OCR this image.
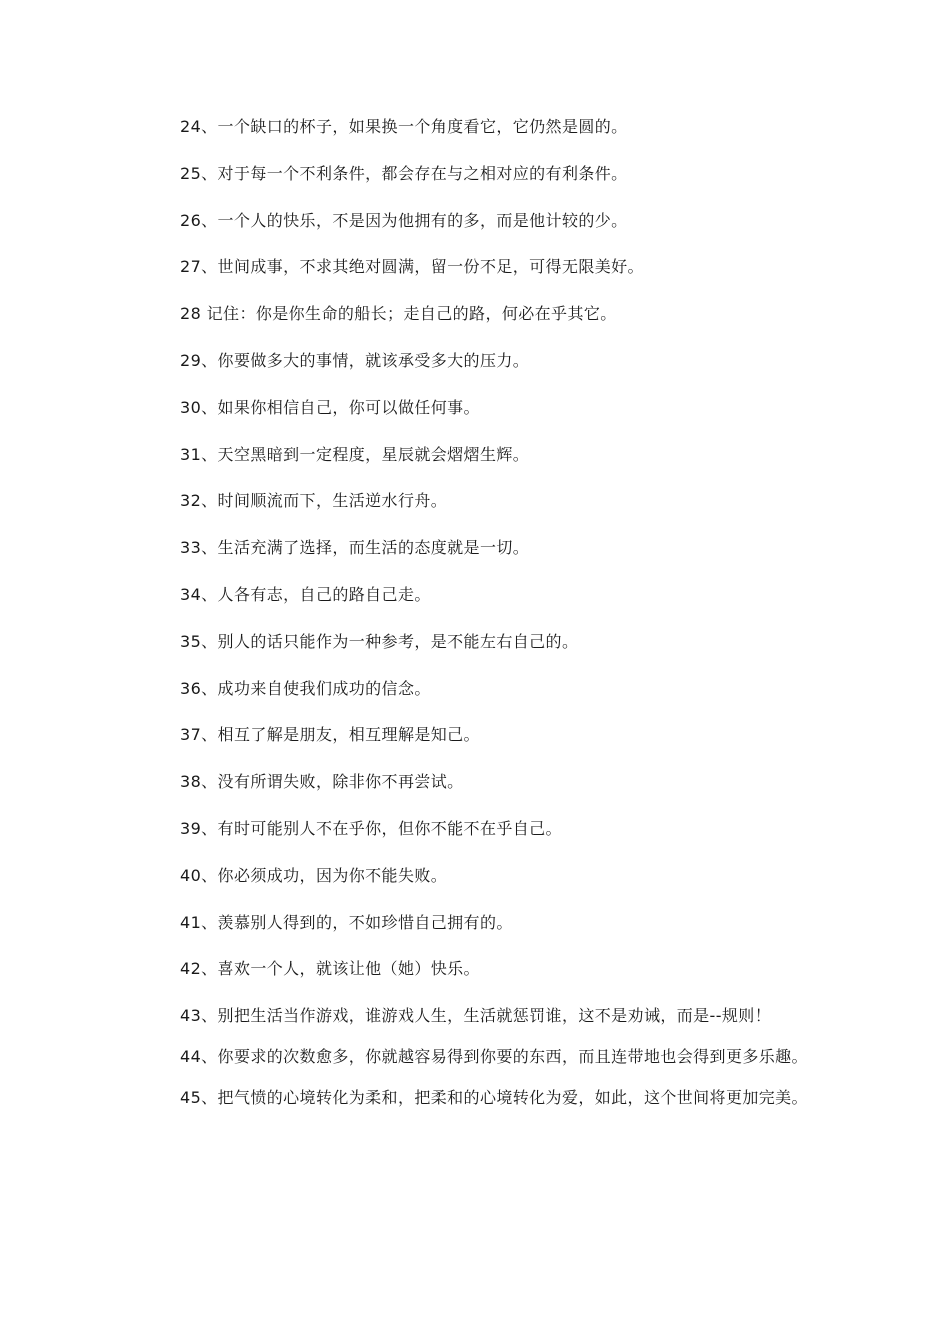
24、一个缺口的杯子，如果换一个角度看它，它仍然是圆的。

25、对于每一个不利条件，都会存在与之相对应的有利条件。

26、一个人的快乐，不是因为他拥有的多，而是他计较的少。

27、世间成事，不求其绝对圆满，留一份不足，可得无限美好。

28 记住：你是你生命的船长；走自己的路，何必在乎其它。

29、你要做多大的事情，就该承受多大的压力。

30、如果你相信自己，你可以做任何事。

31、天空黑暗到一定程度，星辰就会熠熠生辉。

32、时间顺流而下，生活逆水行舟。

33、生活充满了选择，而生活的态度就是一切。

34、人各有志，自己的路自己走。

35、别人的话只能作为一种参考，是不能左右自己的。

36、成功来自使我们成功的信念。

37、相互了解是朋友，相互理解是知己。

38、没有所谓失败，除非你不再尝试。

39、有时可能别人不在乎你，但你不能不在乎自己。

40、你必须成功，因为你不能失败。

41、羡慕别人得到的，不如珍惜自己拥有的。

42、喜欢一个人，就该让他（她）快乐。

43、别把生活当作游戏，谁游戏人生，生活就惩罚谁，这不是劝诫，而是--规则！

44、你要求的次数愈多，你就越容易得到你要的东西，而且连带地也会得到更多乐趣。

45、把气愤的心境转化为柔和，把柔和的心境转化为爱，如此，这个世间将更加完美。
